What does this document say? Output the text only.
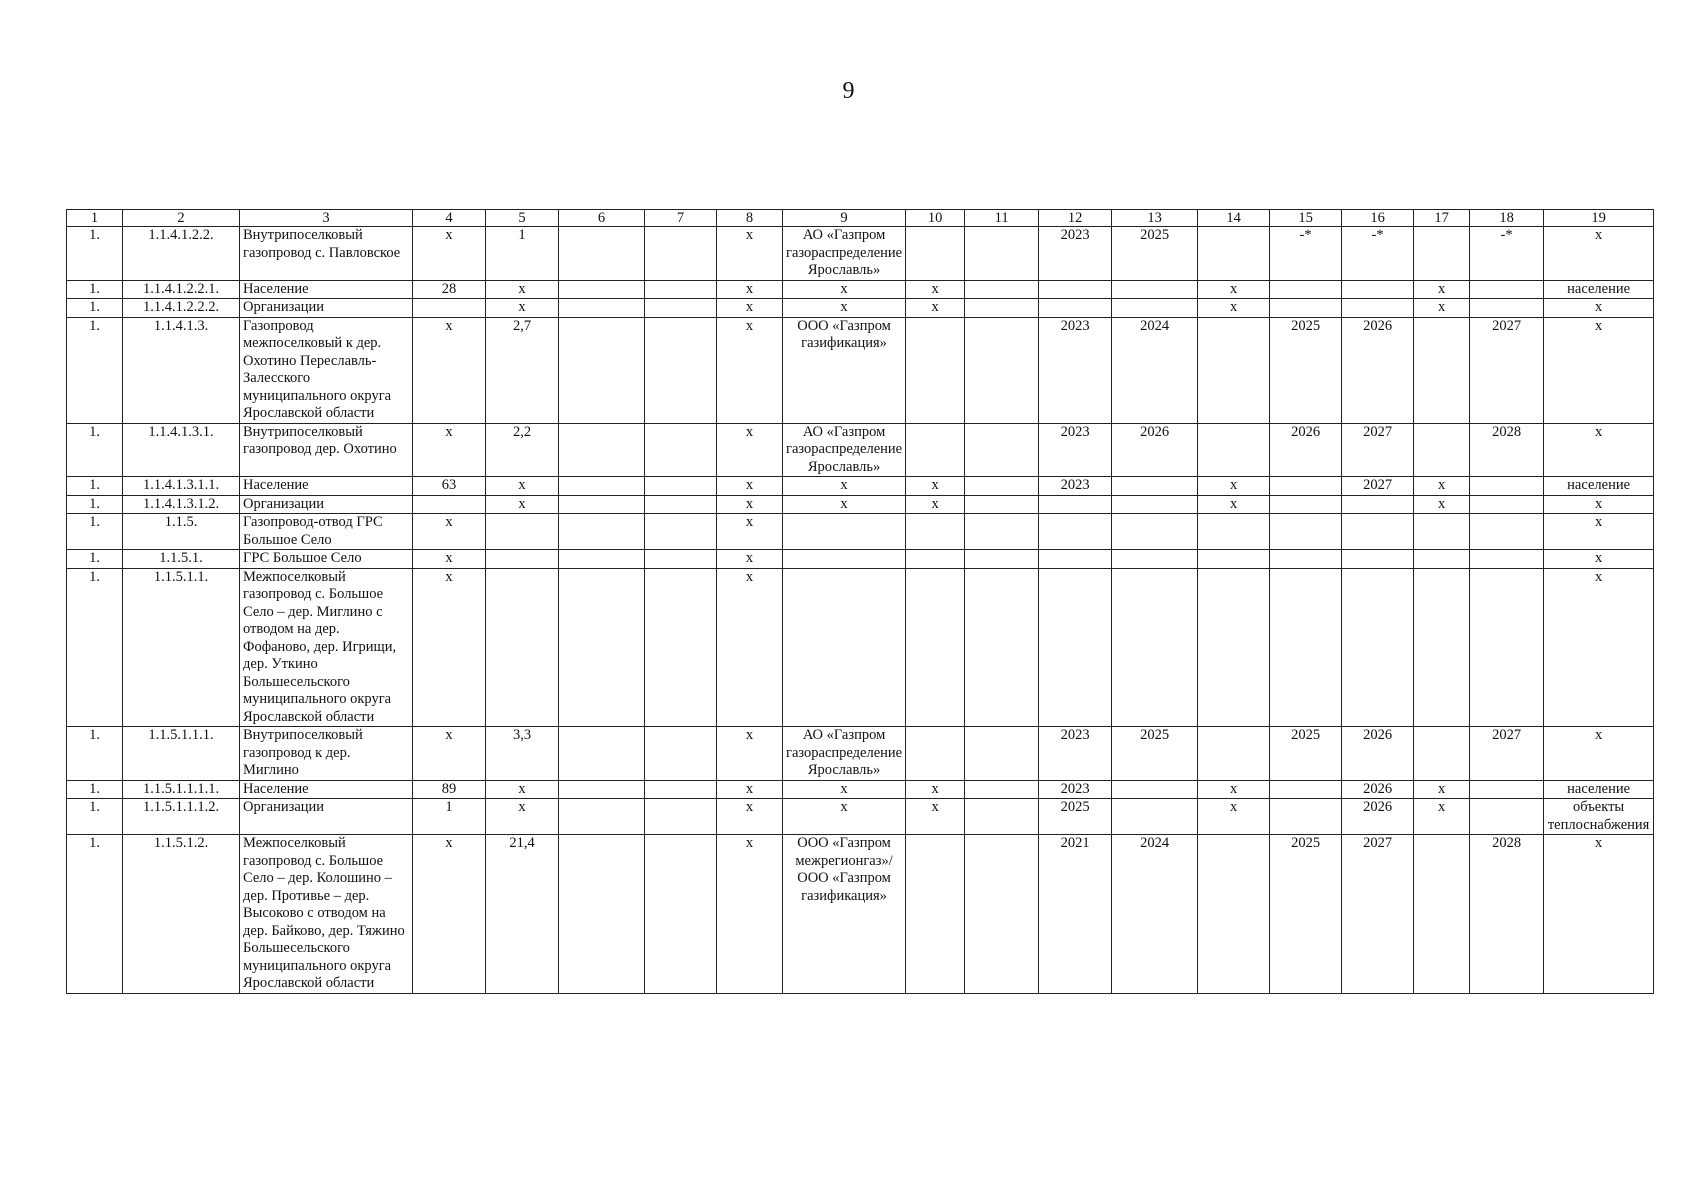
9
1	2	3	4	5	6	7	8	9	10	11	12	13	14	15	16	17	18	19
1.	1.1.4.1.2.2.	Внутрипоселковый газопровод с. Павловское	х	1			х	АО «Газпром газораспределение Ярославль»			2023	2025		-*	-*		-*	х
1.	1.1.4.1.2.2.1.	Население	28	х			х	х	х				х			х		население
1.	1.1.4.1.2.2.2.	Организации		х			х	х	х				х			х		х
1.	1.1.4.1.3.	Газопровод межпоселковый к дер. Охотино Переславль-Залесского муниципального округа Ярославской области	х	2,7			х	ООО «Газпром газификация»			2023	2024		2025	2026		2027	х
1.	1.1.4.1.3.1.	Внутрипоселковый газопровод дер. Охотино	х	2,2			х	АО «Газпром газораспределение Ярославль»			2023	2026		2026	2027		2028	х
1.	1.1.4.1.3.1.1.	Население	63	х			х	х	х		2023		х		2027	х		население
1.	1.1.4.1.3.1.2.	Организации		х			х	х	х				х			х		х
1.	1.1.5.	Газопровод-отвод ГРС Большое Село	х				х											х
1.	1.1.5.1.	ГРС Большое Село	х				х											х
1.	1.1.5.1.1.	Межпоселковый газопровод с. Большое Село – дер. Миглино с отводом на дер. Фофаново, дер. Игрищи, дер. Уткино Большесельского муниципального округа Ярославской области	х				х											х
1.	1.1.5.1.1.1.	Внутрипоселковый газопровод к дер. Миглино	х	3,3			х	АО «Газпром газораспределение Ярославль»			2023	2025		2025	2026		2027	х
1.	1.1.5.1.1.1.1.	Население	89	х			х	х	х		2023		х		2026	х		население
1.	1.1.5.1.1.1.2.	Организации	1	х			х	х	х		2025		х		2026	х		объекты теплоснабжения
1.	1.1.5.1.2.	Межпоселковый газопровод с. Большое Село – дер. Колошино – дер. Противье – дер. Высоково с отводом на дер. Байково, дер. Тяжино Большесельского муниципального округа Ярославской области	х	21,4			х	ООО «Газпром межрегионгаз»/ ООО «Газпром газификация»			2021	2024		2025	2027		2028	х
